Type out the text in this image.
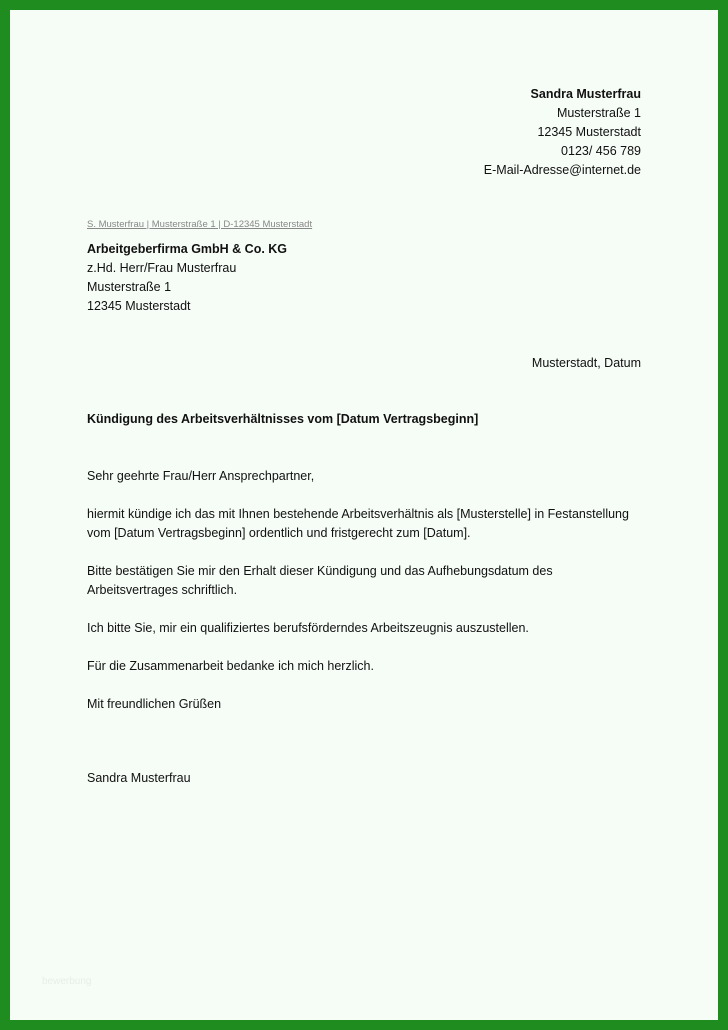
Sandra Musterfrau
Musterstraße 1
12345 Musterstadt
0123/ 456 789
E-Mail-Adresse@internet.de
S. Musterfrau | Musterstraße 1 | D-12345 Musterstadt
Arbeitgeberfirma GmbH & Co. KG
z.Hd. Herr/Frau Musterfrau
Musterstraße 1
12345 Musterstadt
Musterstadt, Datum
Kündigung des Arbeitsverhältnisses vom [Datum Vertragsbeginn]

Sehr geehrte Frau/Herr Ansprechpartner,

hiermit kündige ich das mit Ihnen bestehende Arbeitsverhältnis als [Musterstelle] in Festanstellung vom [Datum Vertragsbeginn] ordentlich und fristgerecht zum [Datum].

Bitte bestätigen Sie mir den Erhalt dieser Kündigung und das Aufhebungsdatum des Arbeitsvertrages schriftlich.

Ich bitte Sie, mir ein qualifiziertes berufsförderndes Arbeitszeugnis auszustellen.

Für die Zusammenarbeit bedanke ich mich herzlich.

Mit freundlichen Grüßen

Sandra Musterfrau
bewerbung
